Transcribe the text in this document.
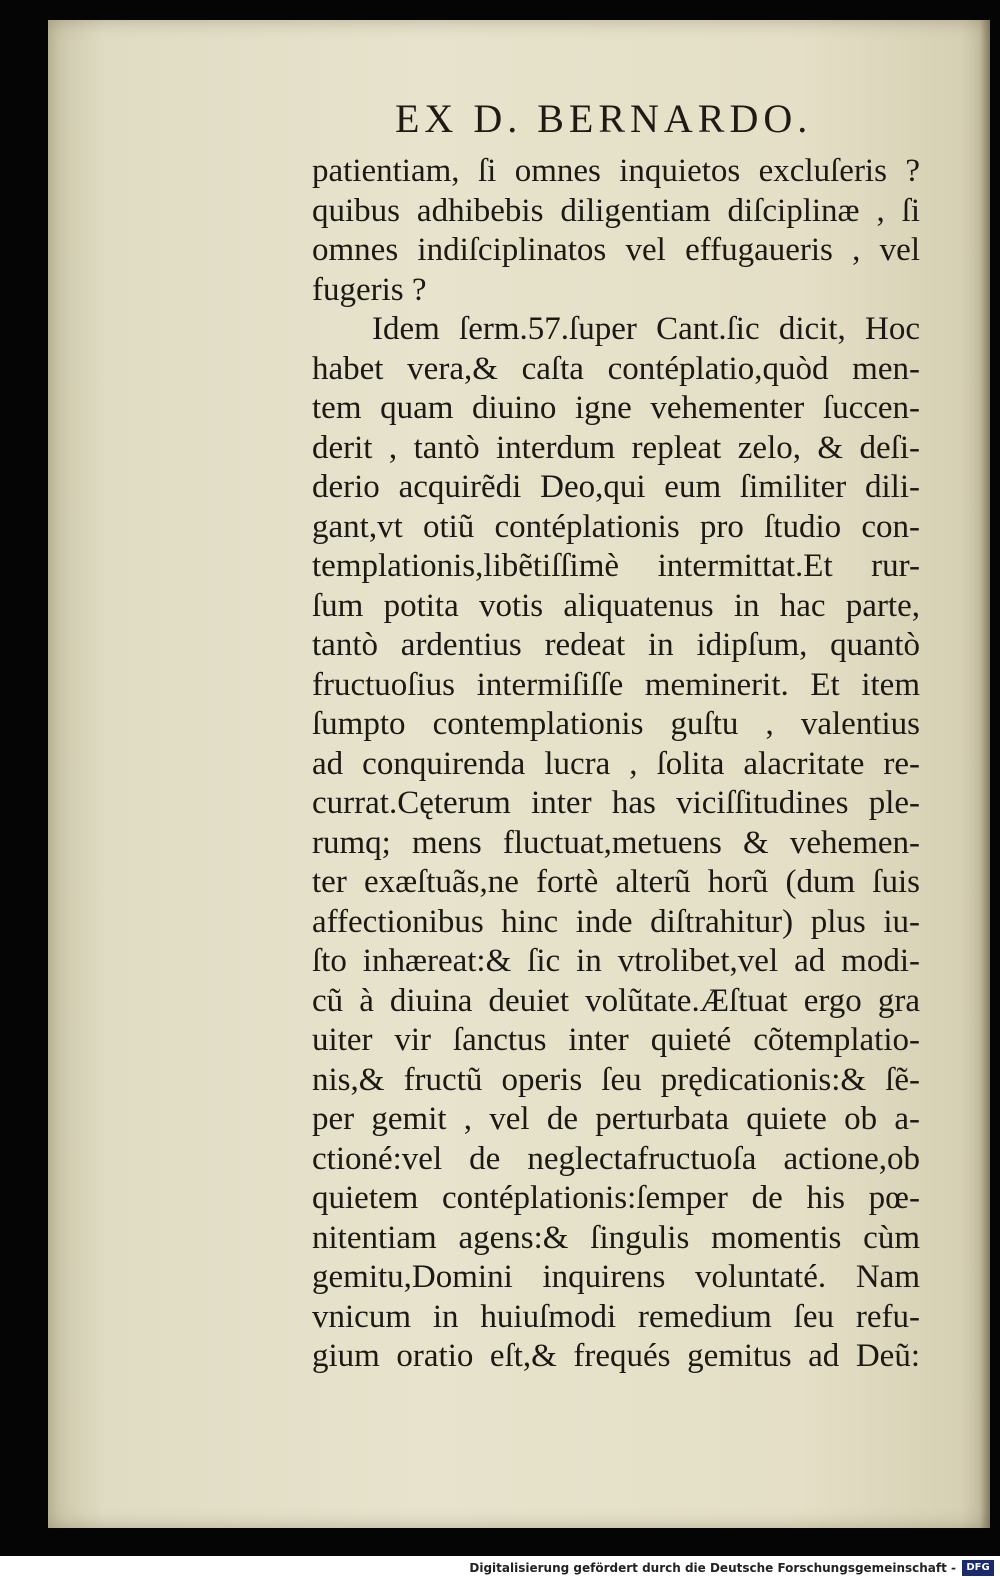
EX D. BERNARDO.
patientiam, ſi omnes inquietos excluſeris ?
quibus adhibebis diligentiam diſciplinæ , ſi
omnes indiſciplinatos vel effugaueris , vel
fugeris ?
Idem ſerm.57.ſuper Cant.ſic dicit, Hoc
habet vera,& caſta contéplatio,quòd men-
tem quam diuino igne vehementer ſuccen-
derit , tantò interdum repleat zelo, & deſi-
derio acquirẽdi Deo,qui eum ſimiliter dili-
gant,vt otiũ contéplationis pro ſtudio con-
templationis,libẽtiſſimè intermittat.Et rur-
ſum potita votis aliquatenus in hac parte,
tantò ardentius redeat in idipſum, quantò
fructuoſius intermiſiſſe meminerit. Et item
ſumpto contemplationis guſtu , valentius
ad conquirenda lucra , ſolita alacritate re-
currat.Cęterum inter has viciſſitudines ple-
rumq; mens fluctuat,metuens & vehemen-
ter exæſtuãs,ne fortè alterũ horũ (dum ſuis
affectionibus hinc inde diſtrahitur) plus iu-
ſto inhæreat:& ſic in vtrolibet,vel ad modi-
cũ à diuina deuiet volũtate.Æſtuat ergo gra
uiter vir ſanctus inter quieté cõtemplatio-
nis,& fructũ operis ſeu prędicationis:& ſẽ-
per gemit , vel de perturbata quiete ob a-
ctioné:vel de neglectafructuoſa actione,ob
quietem contéplationis:ſemper de his pœ-
nitentiam agens:& ſingulis momentis cùm
gemitu,Domini inquirens voluntaté. Nam
vnicum in huiuſmodi remedium ſeu refu-
gium oratio eſt,& frequés gemitus ad Deũ:
Digitalisierung gefördert durch die Deutsche Forschungsgemeinschaft -	DFG
